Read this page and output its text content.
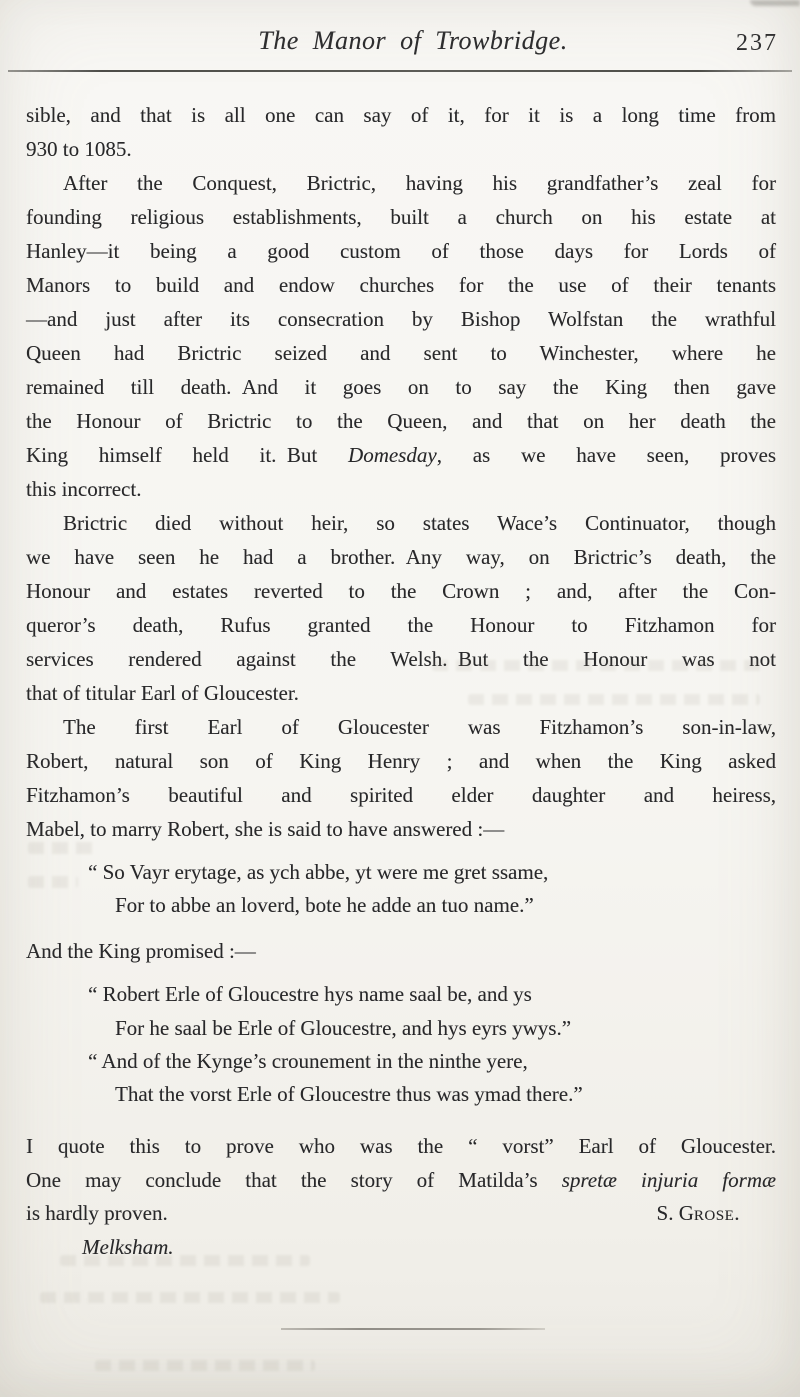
The Manor of Trowbridge.	237
sible, and that is all one can say of it, for it is a long time from
930 to 1085.
After the Conquest, Brictric, having his grandfather’s zeal for
founding religious establishments, built a church on his estate at
Hanley—it being a good custom of those days for Lords of
Manors to build and endow churches for the use of their tenants
—and just after its consecration by Bishop Wolfstan the wrathful
Queen had Brictric seized and sent to Winchester, where he
remained till death. And it goes on to say the King then gave
the Honour of Brictric to the Queen, and that on her death the
King himself held it. But Domesday, as we have seen, proves
this incorrect.
Brictric died without heir, so states Wace’s Continuator, though
we have seen he had a brother. Any way, on Brictric’s death, the
Honour and estates reverted to the Crown ; and, after the Con-
queror’s death, Rufus granted the Honour to Fitzhamon for
services rendered against the Welsh. But the Honour was not
that of titular Earl of Gloucester.
The first Earl of Gloucester was Fitzhamon’s son-in-law,
Robert, natural son of King Henry ; and when the King asked
Fitzhamon’s beautiful and spirited elder daughter and heiress,
Mabel, to marry Robert, she is said to have answered :—
“ So Vayr erytage, as ych abbe, yt were me gret ssame,
For to abbe an loverd, bote he adde an tuo name.”
And the King promised :—
“ Robert Erle of Gloucestre hys name saal be, and ys
For he saal be Erle of Gloucestre, and hys eyrs ywys.”
“ And of the Kynge’s crounement in the ninthe yere,
That the vorst Erle of Gloucestre thus was ymad there.”
I quote this to prove who was the “ vorst” Earl of Gloucester.
One may conclude that the story of Matilda’s spretæ injuria formæ
is hardly proven.	S. Grose.
Melksham.
